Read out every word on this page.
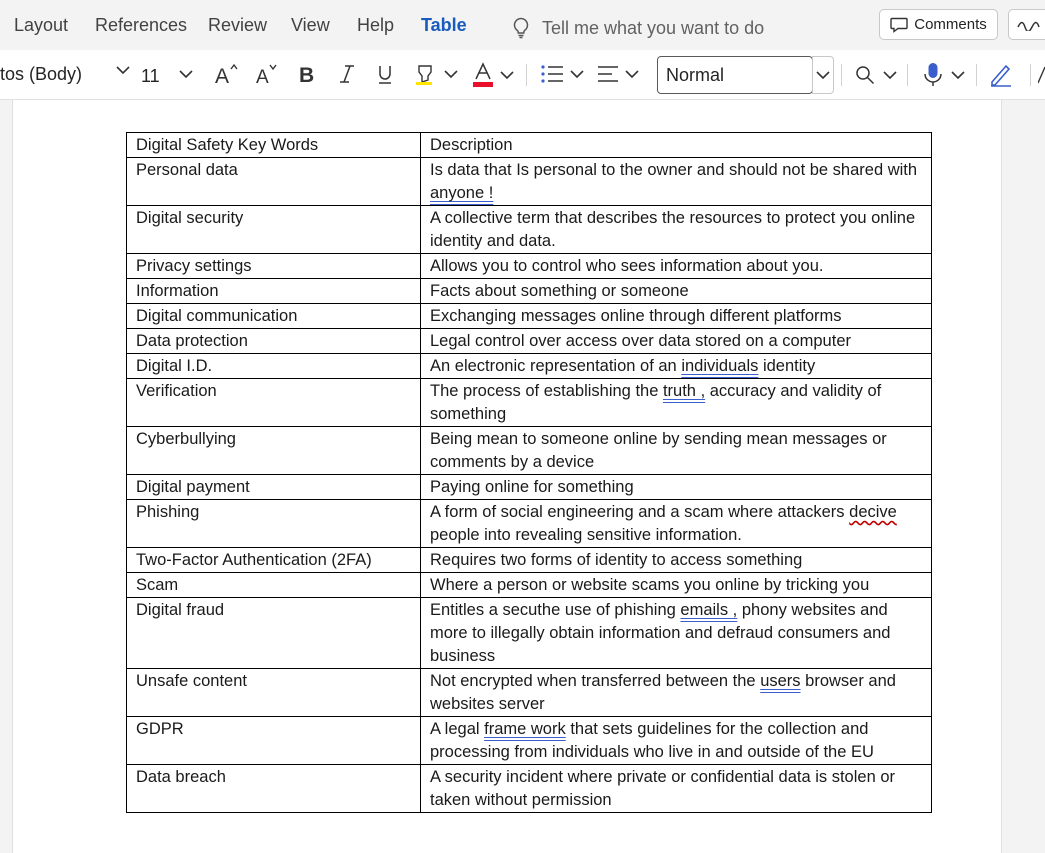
Layout References Review View Help Table	Tell me what you want to do	Comments
tos (Body)	11	A A B	Normal
Digital Safety Key Words	Description
Personal data	Is data that Is personal to the owner and should not be shared with anyone !
Digital security	A collective term that describes the resources to protect you online identity and data.
Privacy settings	Allows you to control who sees information about you.
Information	Facts about something or someone
Digital communication	Exchanging messages online through different platforms
Data protection	Legal control over access over data stored on a computer
Digital I.D.	An electronic representation of an individuals identity
Verification	The process of establishing the truth , accuracy and validity of something
Cyberbullying	Being mean to someone online by sending mean messages or comments by a device
Digital payment	Paying online for something
Phishing	A form of social engineering and a scam where attackers decive people into revealing sensitive information.
Two-Factor Authentication (2FA)	Requires two forms of identity to access something
Scam	Where a person or website scams you online by tricking you
Digital fraud	Entitles a secuthe use of phishing emails , phony websites and more to illegally obtain information and defraud consumers and business
Unsafe content	Not encrypted when transferred between the users browser and websites server
GDPR	A legal frame work that sets guidelines for the collection and processing from individuals who live in and outside of the EU
Data breach	A security incident where private or confidential data is stolen or taken without permission
